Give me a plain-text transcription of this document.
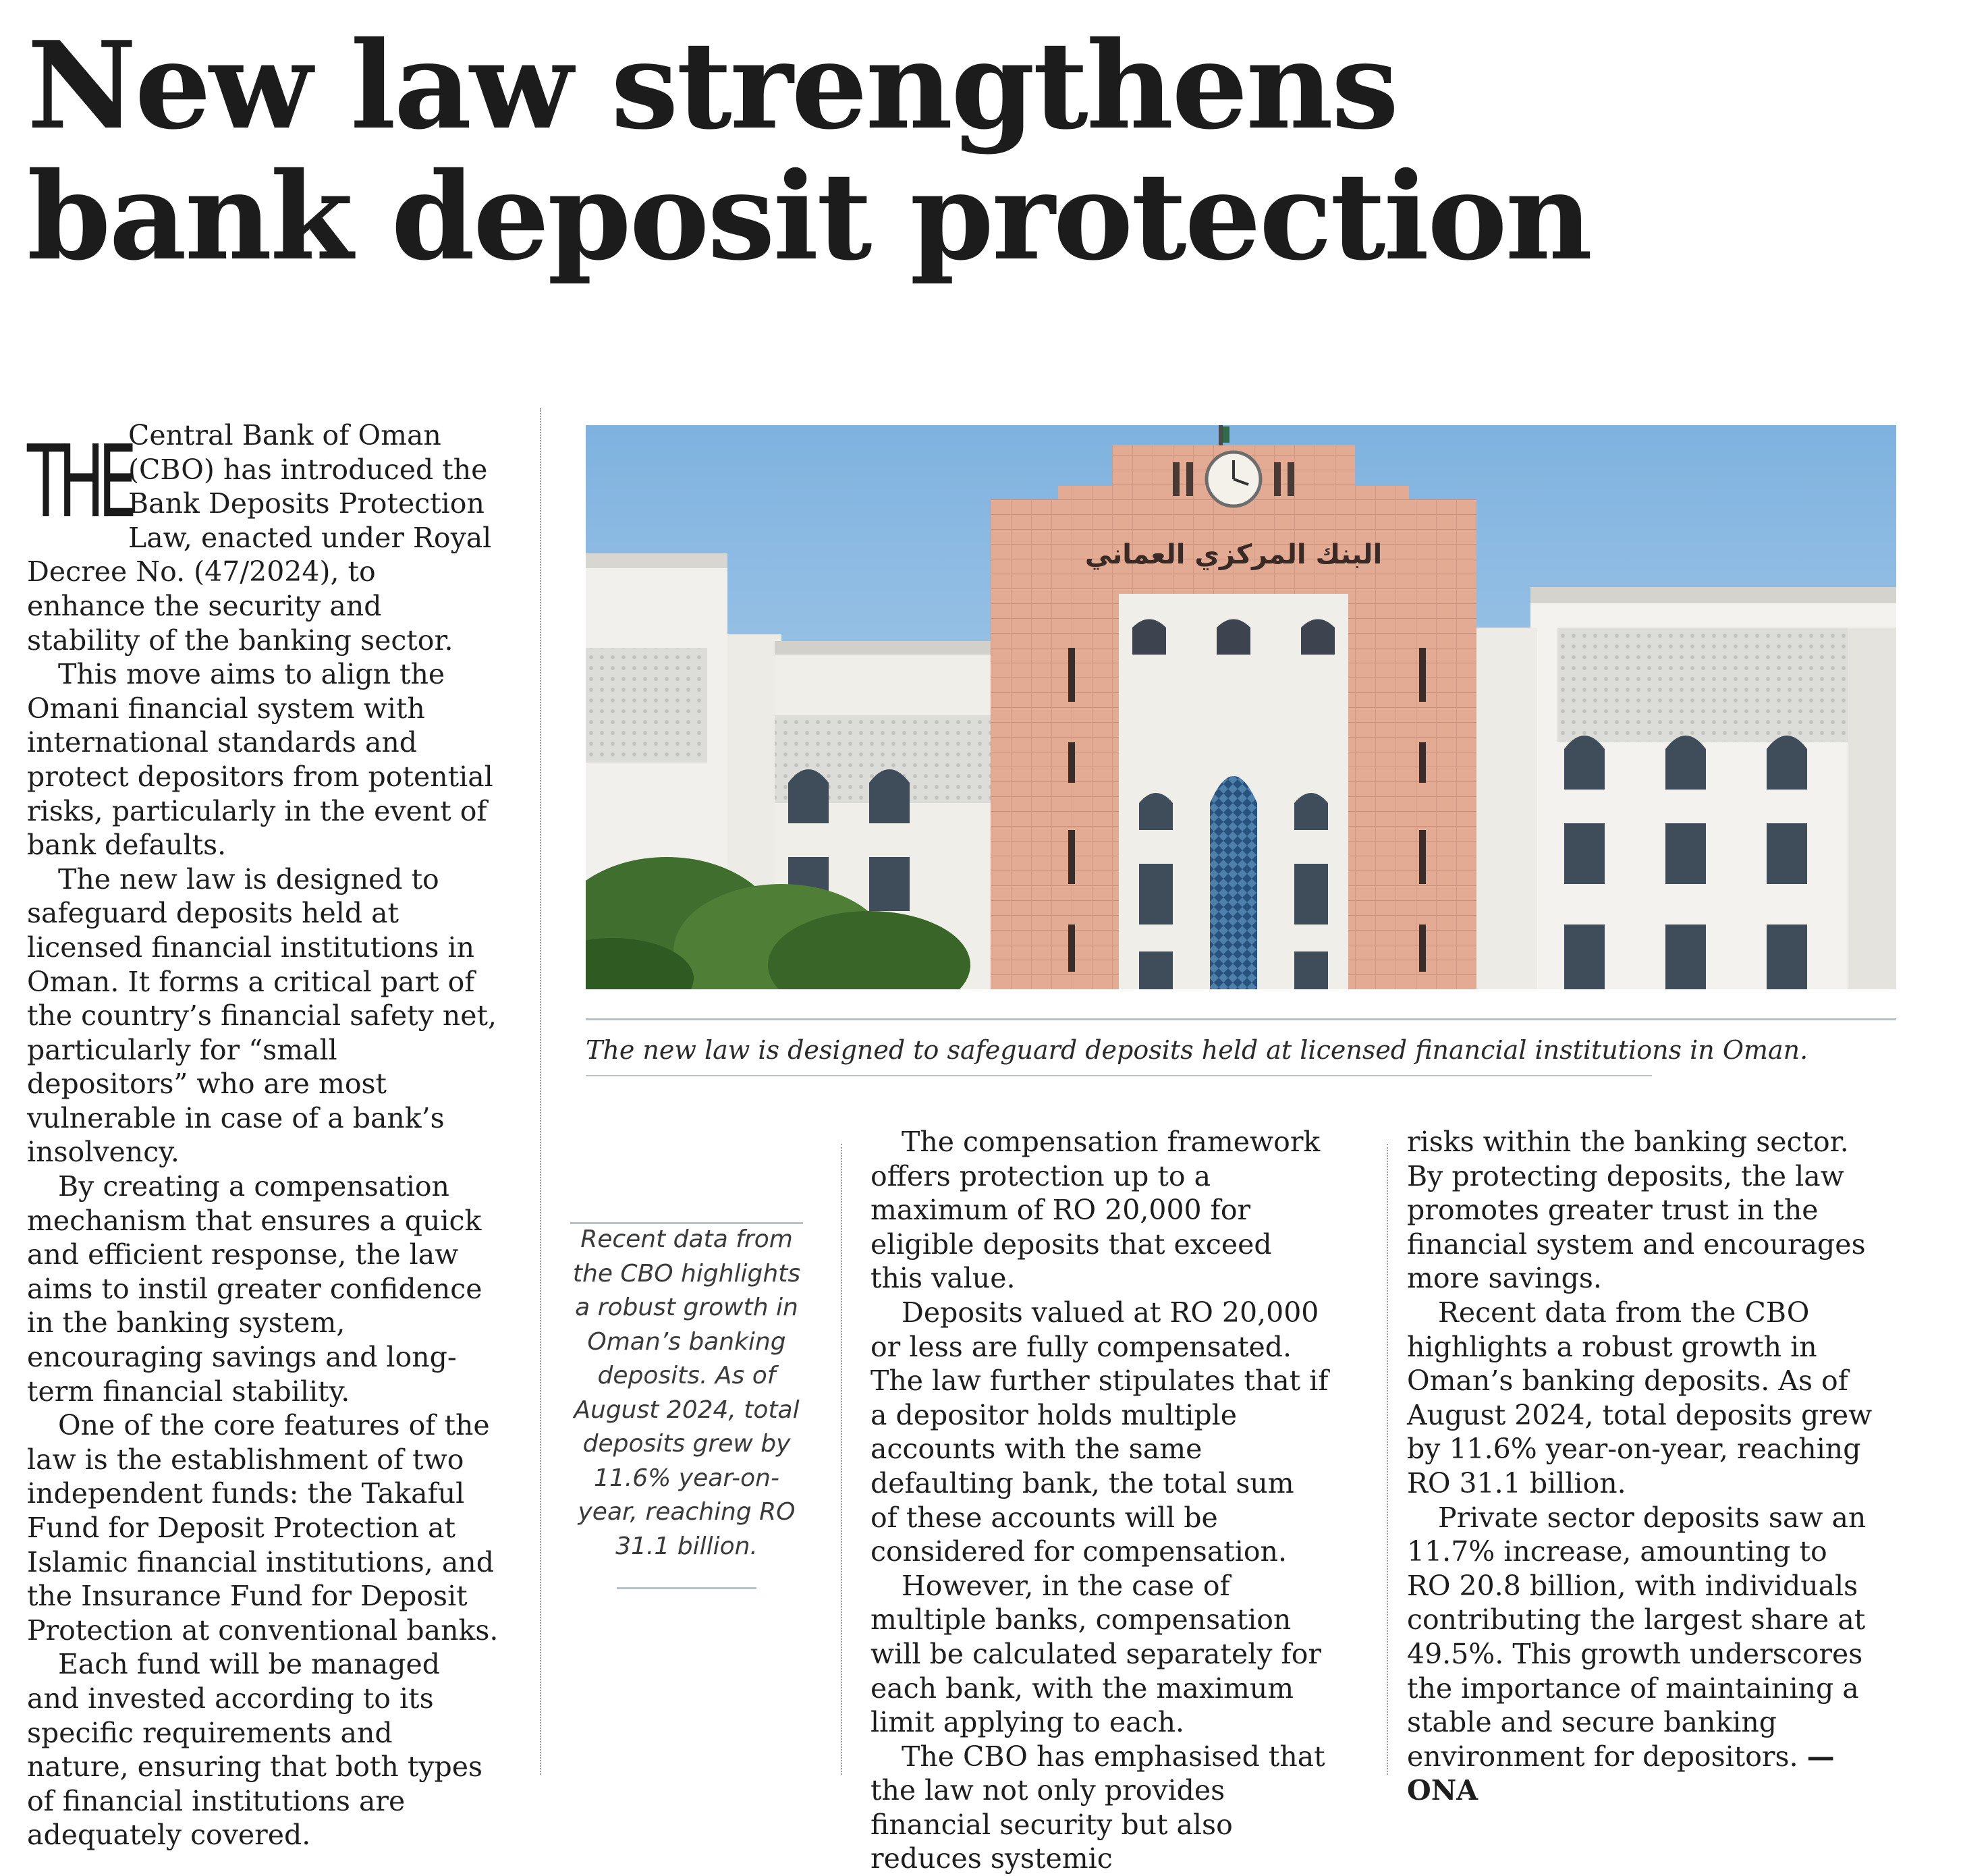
New law strengthens
bank deposit protection

THE
Central Bank of Oman (CBO) has introduced the Bank Deposits Protection Law, enacted under Royal Decree No. (47/2024), to enhance the security and stability of the banking sector.

This move aims to align the Omani financial system with international standards and protect depositors from potential risks, particularly in the event of bank defaults.

The new law is designed to safeguard deposits held at licensed financial institutions in Oman. It forms a critical part of the country’s financial safety net, particularly for “small depositors” who are most vulnerable in case of a bank’s insolvency.

By creating a compensation mechanism that ensures a quick and efficient response, the law aims to instil greater confidence in the banking system, encouraging savings and long-term financial stability.

One of the core features of the law is the establishment of two independent funds: the Takaful Fund for Deposit Protection at Islamic financial institutions, and the Insurance Fund for Deposit Protection at conventional banks.

Each fund will be managed and invested according to its specific requirements and nature, ensuring that both types of financial institutions are adequately covered.

البنك المركزي العماني
The new law is designed to safeguard deposits held at licensed financial institutions in Oman.
Recent data from the CBO highlights a robust growth in Oman’s banking deposits. As of August 2024, total deposits grew by 11.6% year-on-year, reaching RO 31.1 billion.

The compensation framework offers protection up to a maximum of RO 20,000 for eligible deposits that exceed this value.

Deposits valued at RO 20,000 or less are fully compensated. The law further stipulates that if a depositor holds multiple accounts with the same defaulting bank, the total sum of these accounts will be considered for compensation.

However, in the case of multiple banks, compensation will be calculated separately for each bank, with the maximum limit applying to each.

The CBO has emphasised that the law not only provides financial security but also reduces systemic

risks within the banking sector. By protecting deposits, the law promotes greater trust in the financial system and encourages more savings.

Recent data from the CBO highlights a robust growth in Oman’s banking deposits. As of August 2024, total deposits grew by 11.6% year-on-year, reaching RO 31.1 billion.

Private sector deposits saw an 11.7% increase, amounting to RO 20.8 billion, with individuals contributing the largest share at 49.5%. This growth underscores the importance of maintaining a stable and secure banking environment for depositors. — ONA
